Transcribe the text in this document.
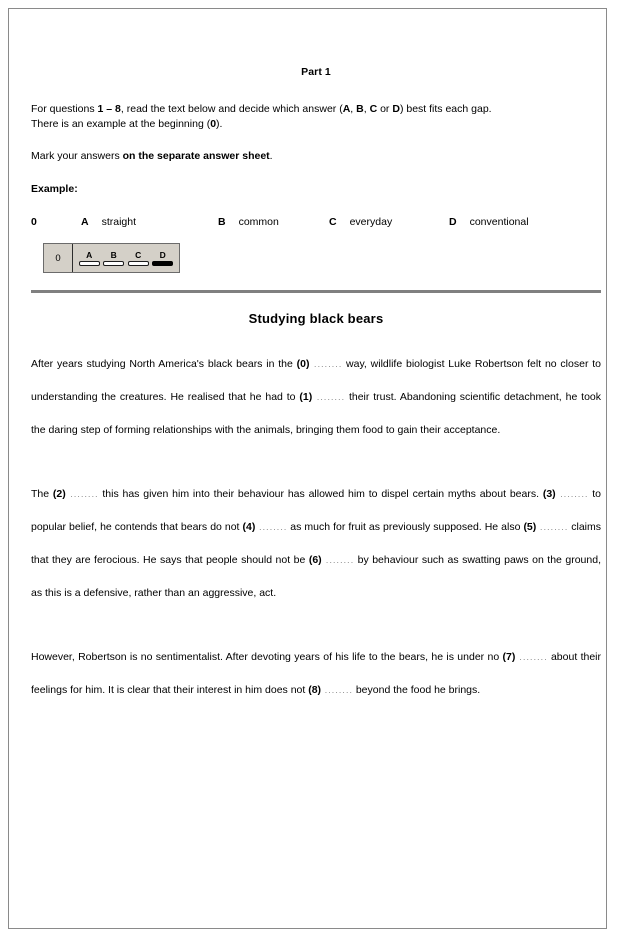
Part 1
For questions 1 – 8, read the text below and decide which answer (A, B, C or D) best fits each gap.
There is an example at the beginning (0).
Mark your answers on the separate answer sheet.
Example:
0	A straight	B common	C everyday	D conventional
0	A B C D
Studying black bears

After years studying North America's black bears in the (0) ........ way, wildlife biologist Luke Robertson felt no closer to understanding the creatures. He realised that he had to (1) ........ their trust. Abandoning scientific detachment, he took the daring step of forming relationships with the animals, bringing them food to gain their acceptance.

The (2) ........ this has given him into their behaviour has allowed him to dispel certain myths about bears. (3) ........ to popular belief, he contends that bears do not (4) ........ as much for fruit as previously supposed. He also (5) ........ claims that they are ferocious. He says that people should not be (6) ........ by behaviour such as swatting paws on the ground, as this is a defensive, rather than an aggressive, act.

However, Robertson is no sentimentalist. After devoting years of his life to the bears, he is under no (7) ........ about their feelings for him. It is clear that their interest in him does not (8) ........ beyond the food he brings.
